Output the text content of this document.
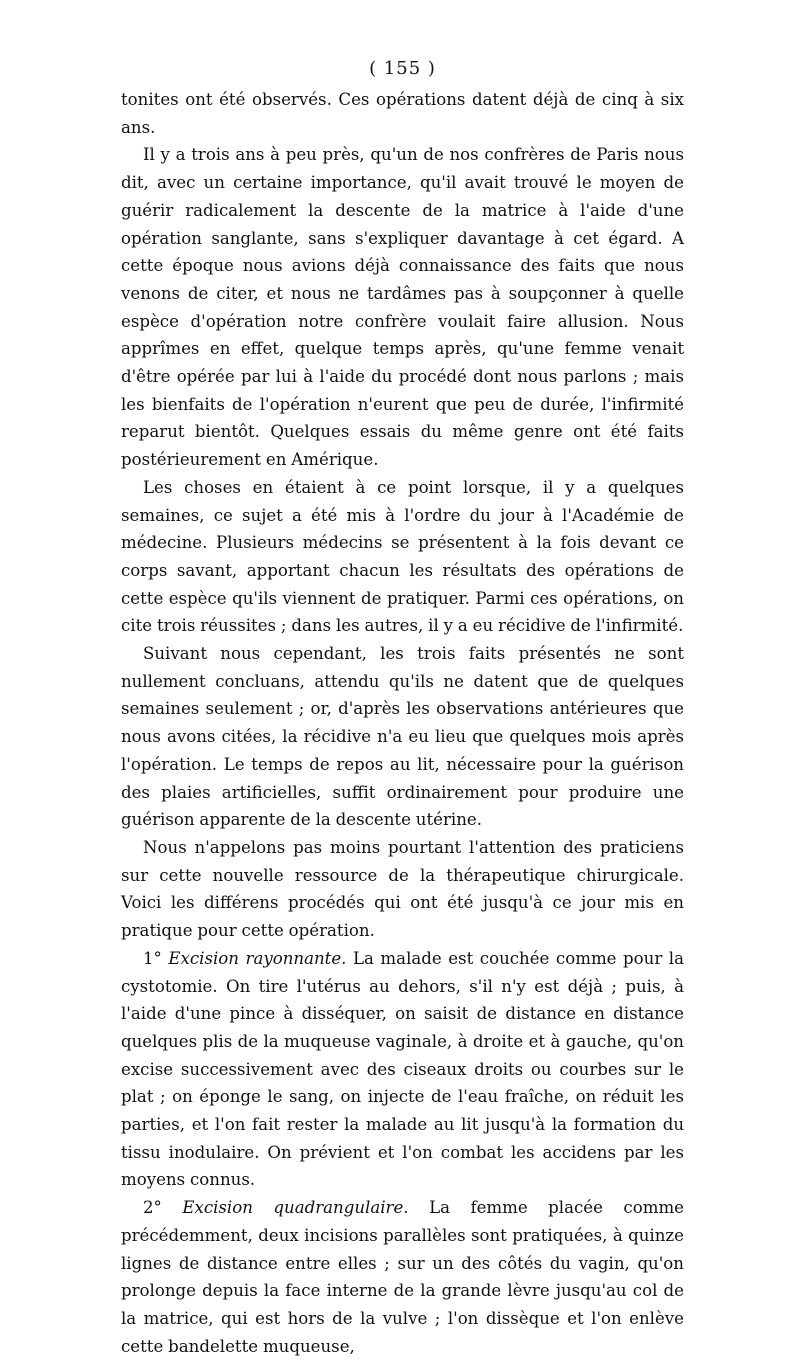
( 155 )

tonites ont été observés. Ces opérations datent déjà de cinq à six ans.

Il y a trois ans à peu près, qu'un de nos confrères de Paris nous dit, avec un certaine importance, qu'il avait trouvé le moyen de guérir radicalement la descente de la matrice à l'aide d'une opération sanglante, sans s'expliquer davantage à cet égard. A cette époque nous avions déjà connaissance des faits que nous venons de citer, et nous ne tardâmes pas à soupçonner à quelle espèce d'opération notre confrère voulait faire allusion. Nous apprîmes en effet, quelque temps après, qu'une femme venait d'être opérée par lui à l'aide du procédé dont nous parlons ; mais les bienfaits de l'opération n'eurent que peu de durée, l'infirmité reparut bientôt. Quelques essais du même genre ont été faits postérieurement en Amérique.

Les choses en étaient à ce point lorsque, il y a quelques semaines, ce sujet a été mis à l'ordre du jour à l'Académie de médecine. Plusieurs médecins se présentent à la fois devant ce corps savant, apportant chacun les résultats des opérations de cette espèce qu'ils viennent de pratiquer. Parmi ces opérations, on cite trois réussites ; dans les autres, il y a eu récidive de l'infirmité.

Suivant nous cependant, les trois faits présentés ne sont nullement concluans, attendu qu'ils ne datent que de quelques semaines seulement ; or, d'après les observations antérieures que nous avons citées, la récidive n'a eu lieu que quelques mois après l'opération. Le temps de repos au lit, nécessaire pour la guérison des plaies artificielles, suffit ordinairement pour produire une guérison apparente de la descente utérine.

Nous n'appelons pas moins pourtant l'attention des praticiens sur cette nouvelle ressource de la thérapeutique chirurgicale. Voici les différens procédés qui ont été jusqu'à ce jour mis en pratique pour cette opération.

1° Excision rayonnante. La malade est couchée comme pour la cystotomie. On tire l'utérus au dehors, s'il n'y est déjà ; puis, à l'aide d'une pince à disséquer, on saisit de distance en distance quelques plis de la muqueuse vaginale, à droite et à gauche, qu'on excise successivement avec des ciseaux droits ou courbes sur le plat ; on éponge le sang, on injecte de l'eau fraîche, on réduit les parties, et l'on fait rester la malade au lit jusqu'à la formation du tissu inodulaire. On prévient et l'on combat les accidens par les moyens connus.

2° Excision quadrangulaire. La femme placée comme précédemment, deux incisions parallèles sont pratiquées, à quinze lignes de distance entre elles ; sur un des côtés du vagin, qu'on prolonge depuis la face interne de la grande lèvre jusqu'au col de la matrice, qui est hors de la vulve ; l'on dissèque et l'on enlève cette bandelette muqueuse,
